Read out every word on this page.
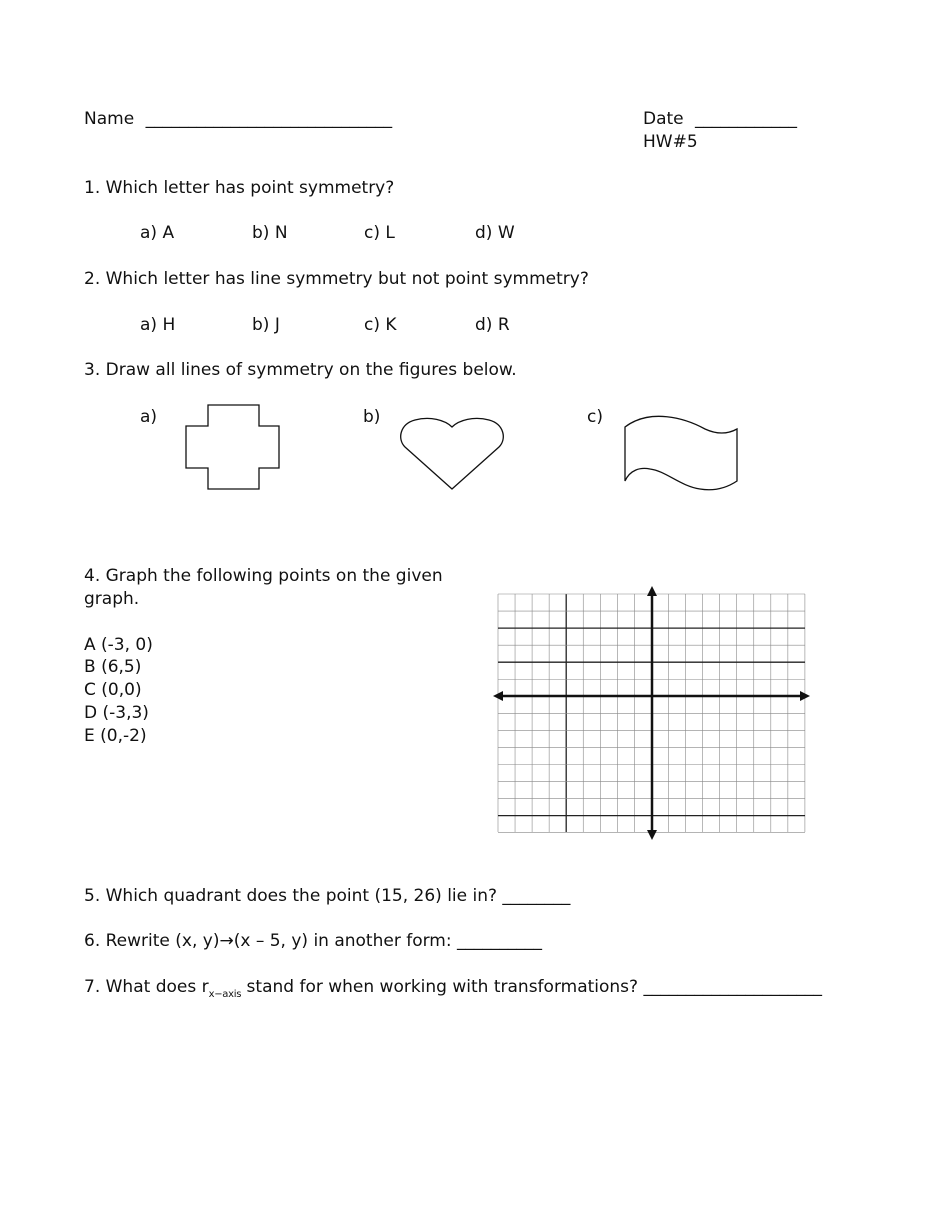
Name _____________________________	Date ____________
HW#5
1. Which letter has point symmetry?
a) A	b) N	c) L	d) W
2. Which letter has line symmetry but not point symmetry?
a) H	b) J	c) K	d) R
3. Draw all lines of symmetry on the figures below.
a)	b)	c)
4. Graph the following points on the given
graph.
A (-3, 0)
B (6,5)
C (0,0)
D (-3,3)
E (0,-2)
5. Which quadrant does the point (15, 26) lie in? ________
6. Rewrite (x, y)→(x – 5, y) in another form: __________
7. What does $r_{x-axis}$ stand for when working with transformations? _____________________
